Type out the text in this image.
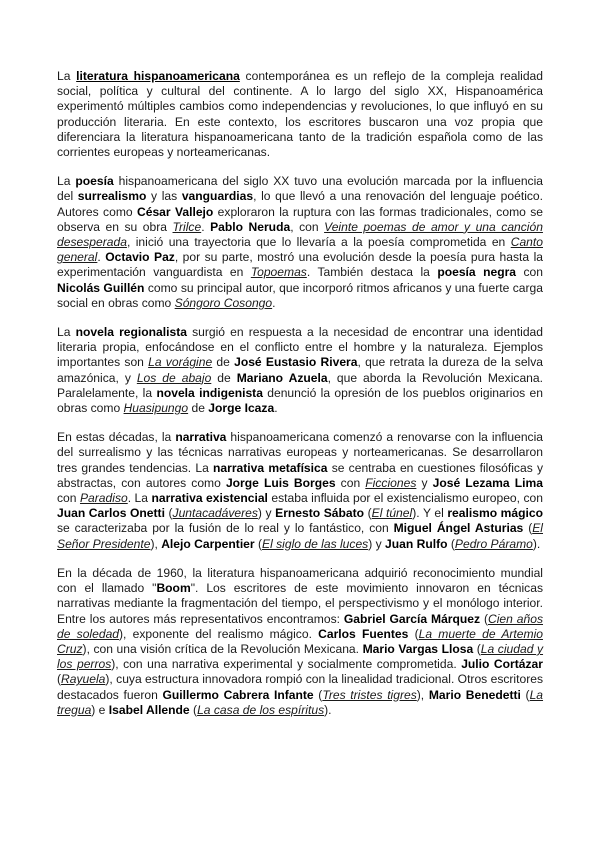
La literatura hispanoamericana contemporánea es un reflejo de la compleja realidad social, política y cultural del continente. A lo largo del siglo XX, Hispanoamérica experimentó múltiples cambios como independencias y revoluciones, lo que influyó en su producción literaria. En este contexto, los escritores buscaron una voz propia que diferenciara la literatura hispanoamericana tanto de la tradición española como de las corrientes europeas y norteamericanas.

La poesía hispanoamericana del siglo XX tuvo una evolución marcada por la influencia del surrealismo y las vanguardias, lo que llevó a una renovación del lenguaje poético. Autores como César Vallejo exploraron la ruptura con las formas tradicionales, como se observa en su obra Trilce. Pablo Neruda, con Veinte poemas de amor y una canción desesperada, inició una trayectoria que lo llevaría a la poesía comprometida en Canto general. Octavio Paz, por su parte, mostró una evolución desde la poesía pura hasta la experimentación vanguardista en Topoemas. También destaca la poesía negra con Nicolás Guillén como su principal autor, que incorporó ritmos africanos y una fuerte carga social en obras como Sóngoro Cosongo.

La novela regionalista surgió en respuesta a la necesidad de encontrar una identidad literaria propia, enfocándose en el conflicto entre el hombre y la naturaleza. Ejemplos importantes son La vorágine de José Eustasio Rivera, que retrata la dureza de la selva amazónica, y Los de abajo de Mariano Azuela, que aborda la Revolución Mexicana. Paralelamente, la novela indigenista denunció la opresión de los pueblos originarios en obras como Huasipungo de Jorge Icaza.

En estas décadas, la narrativa hispanoamericana comenzó a renovarse con la influencia del surrealismo y las técnicas narrativas europeas y norteamericanas. Se desarrollaron tres grandes tendencias. La narrativa metafísica se centraba en cuestiones filosóficas y abstractas, con autores como Jorge Luis Borges con Ficciones y José Lezama Lima con Paradiso. La narrativa existencial estaba influida por el existencialismo europeo, con Juan Carlos Onetti (Juntacadáveres) y Ernesto Sábato (El túnel). Y el realismo mágico se caracterizaba por la fusión de lo real y lo fantástico, con Miguel Ángel Asturias (El Señor Presidente), Alejo Carpentier (El siglo de las luces) y Juan Rulfo (Pedro Páramo).

En la década de 1960, la literatura hispanoamericana adquirió reconocimiento mundial con el llamado "Boom". Los escritores de este movimiento innovaron en técnicas narrativas mediante la fragmentación del tiempo, el perspectivismo y el monólogo interior. Entre los autores más representativos encontramos: Gabriel García Márquez (Cien años de soledad), exponente del realismo mágico. Carlos Fuentes (La muerte de Artemio Cruz), con una visión crítica de la Revolución Mexicana. Mario Vargas Llosa (La ciudad y los perros), con una narrativa experimental y socialmente comprometida. Julio Cortázar (Rayuela), cuya estructura innovadora rompió con la linealidad tradicional. Otros escritores destacados fueron Guillermo Cabrera Infante (Tres tristes tigres), Mario Benedetti (La tregua) e Isabel Allende (La casa de los espíritus).
